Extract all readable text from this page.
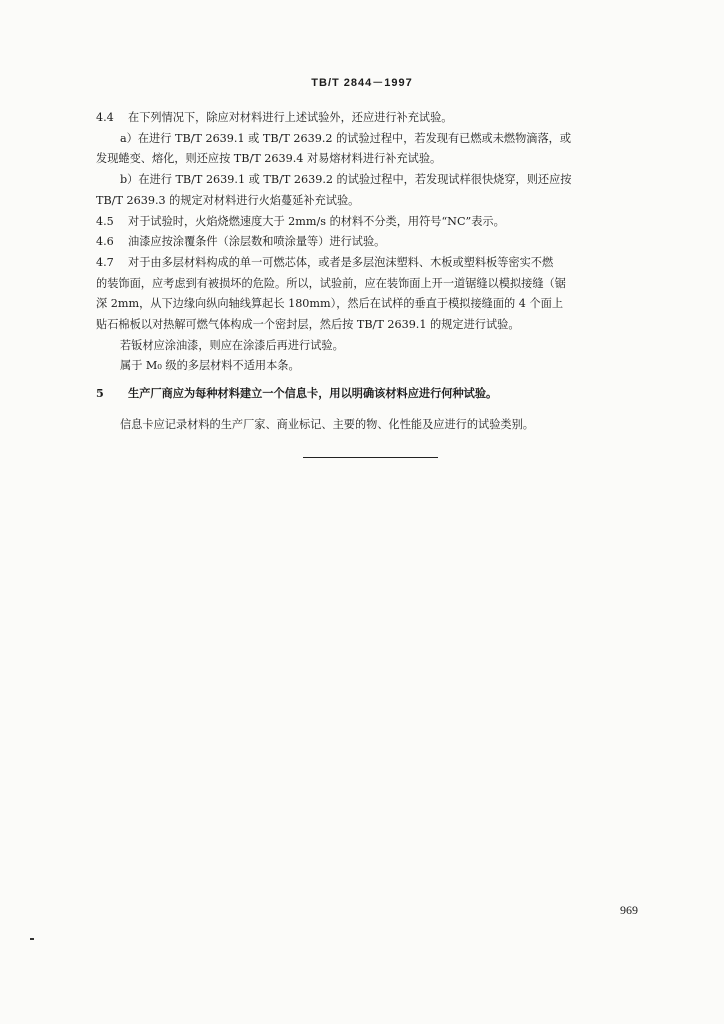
TB/T 2844－1997

4.4 在下列情况下，除应对材料进行上述试验外，还应进行补充试验。

a）在进行 TB/T 2639.1 或 TB/T 2639.2 的试验过程中，若发现有已燃或未燃物滴落，或

发现蜷变、熔化，则还应按 TB/T 2639.4 对易熔材料进行补充试验。

b）在进行 TB/T 2639.1 或 TB/T 2639.2 的试验过程中，若发现试样很快烧穿，则还应按

TB/T 2639.3 的规定对材料进行火焰蔓延补充试验。

4.5 对于试验时，火焰烧燃速度大于 2mm/s 的材料不分类，用符号“NC”表示。

4.6 油漆应按涂覆条件（涂层数和喷涂量等）进行试验。

4.7 对于由多层材料构成的单一可燃芯体，或者是多层泡沫塑料、木板或塑料板等密实不燃

的装饰面，应考虑到有被损坏的危险。所以，试验前，应在装饰面上开一道锯缝以模拟接缝（锯

深 2mm，从下边缘向纵向轴线算起长 180mm），然后在试样的垂直于模拟接缝面的 4 个面上

贴石棉板以对热解可燃气体构成一个密封层，然后按 TB/T 2639.1 的规定进行试验。

若钣材应涂油漆，则应在涂漆后再进行试验。

属于 M₀ 级的多层材料不适用本条。

5 生产厂商应为每种材料建立一个信息卡，用以明确该材料应进行何种试验。

信息卡应记录材料的生产厂家、商业标记、主要的物、化性能及应进行的试验类别。

969
